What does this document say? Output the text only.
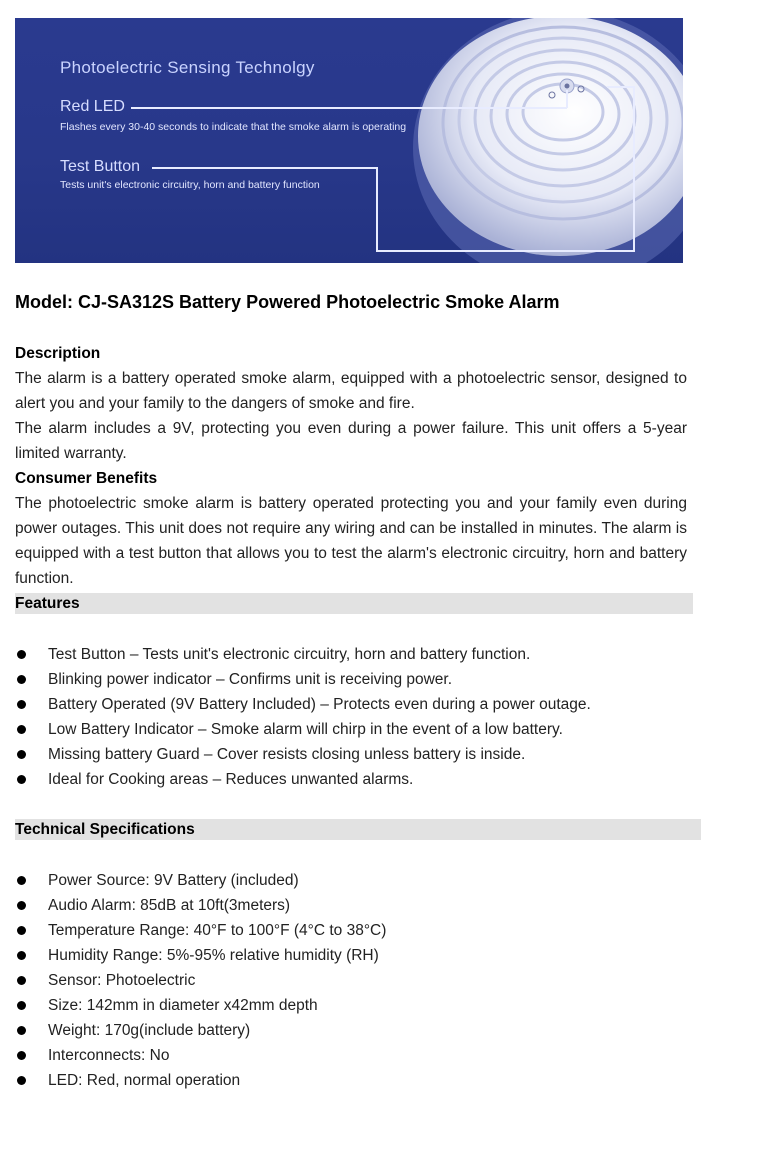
Photoelectric Sensing Technolgy
Red LED
Flashes every 30-40 seconds to indicate that the smoke alarm is operating
Test Button
Tests unit's electronic circuitry, horn and battery function
Model: CJ-SA312S Battery Powered Photoelectric Smoke Alarm
Description
The alarm is a battery operated smoke alarm, equipped with a photoelectric sensor, designed to alert you and your family to the dangers of smoke and fire.
The alarm includes a 9V, protecting you even during a power failure. This unit offers a 5-year limited warranty.
Consumer Benefits
The photoelectric smoke alarm is battery operated protecting you and your family even during power outages. This unit does not require any wiring and can be installed in minutes. The alarm is equipped with a test button that allows you to test the alarm's electronic circuitry, horn and battery function.
Features
Test Button – Tests unit's electronic circuitry, horn and battery function.
Blinking power indicator – Confirms unit is receiving power.
Battery Operated (9V Battery Included) – Protects even during a power outage.
Low Battery Indicator – Smoke alarm will chirp in the event of a low battery.
Missing battery Guard – Cover resists closing unless battery is inside.
Ideal for Cooking areas – Reduces unwanted alarms.
Technical Specifications
Power Source: 9V Battery (included)
Audio Alarm: 85dB at 10ft(3meters)
Temperature Range: 40°F to 100°F (4°C to 38°C)
Humidity Range: 5%-95% relative humidity (RH)
Sensor: Photoelectric
Size: 142mm in diameter x42mm depth
Weight: 170g(include battery)
Interconnects: No
LED: Red, normal operation
